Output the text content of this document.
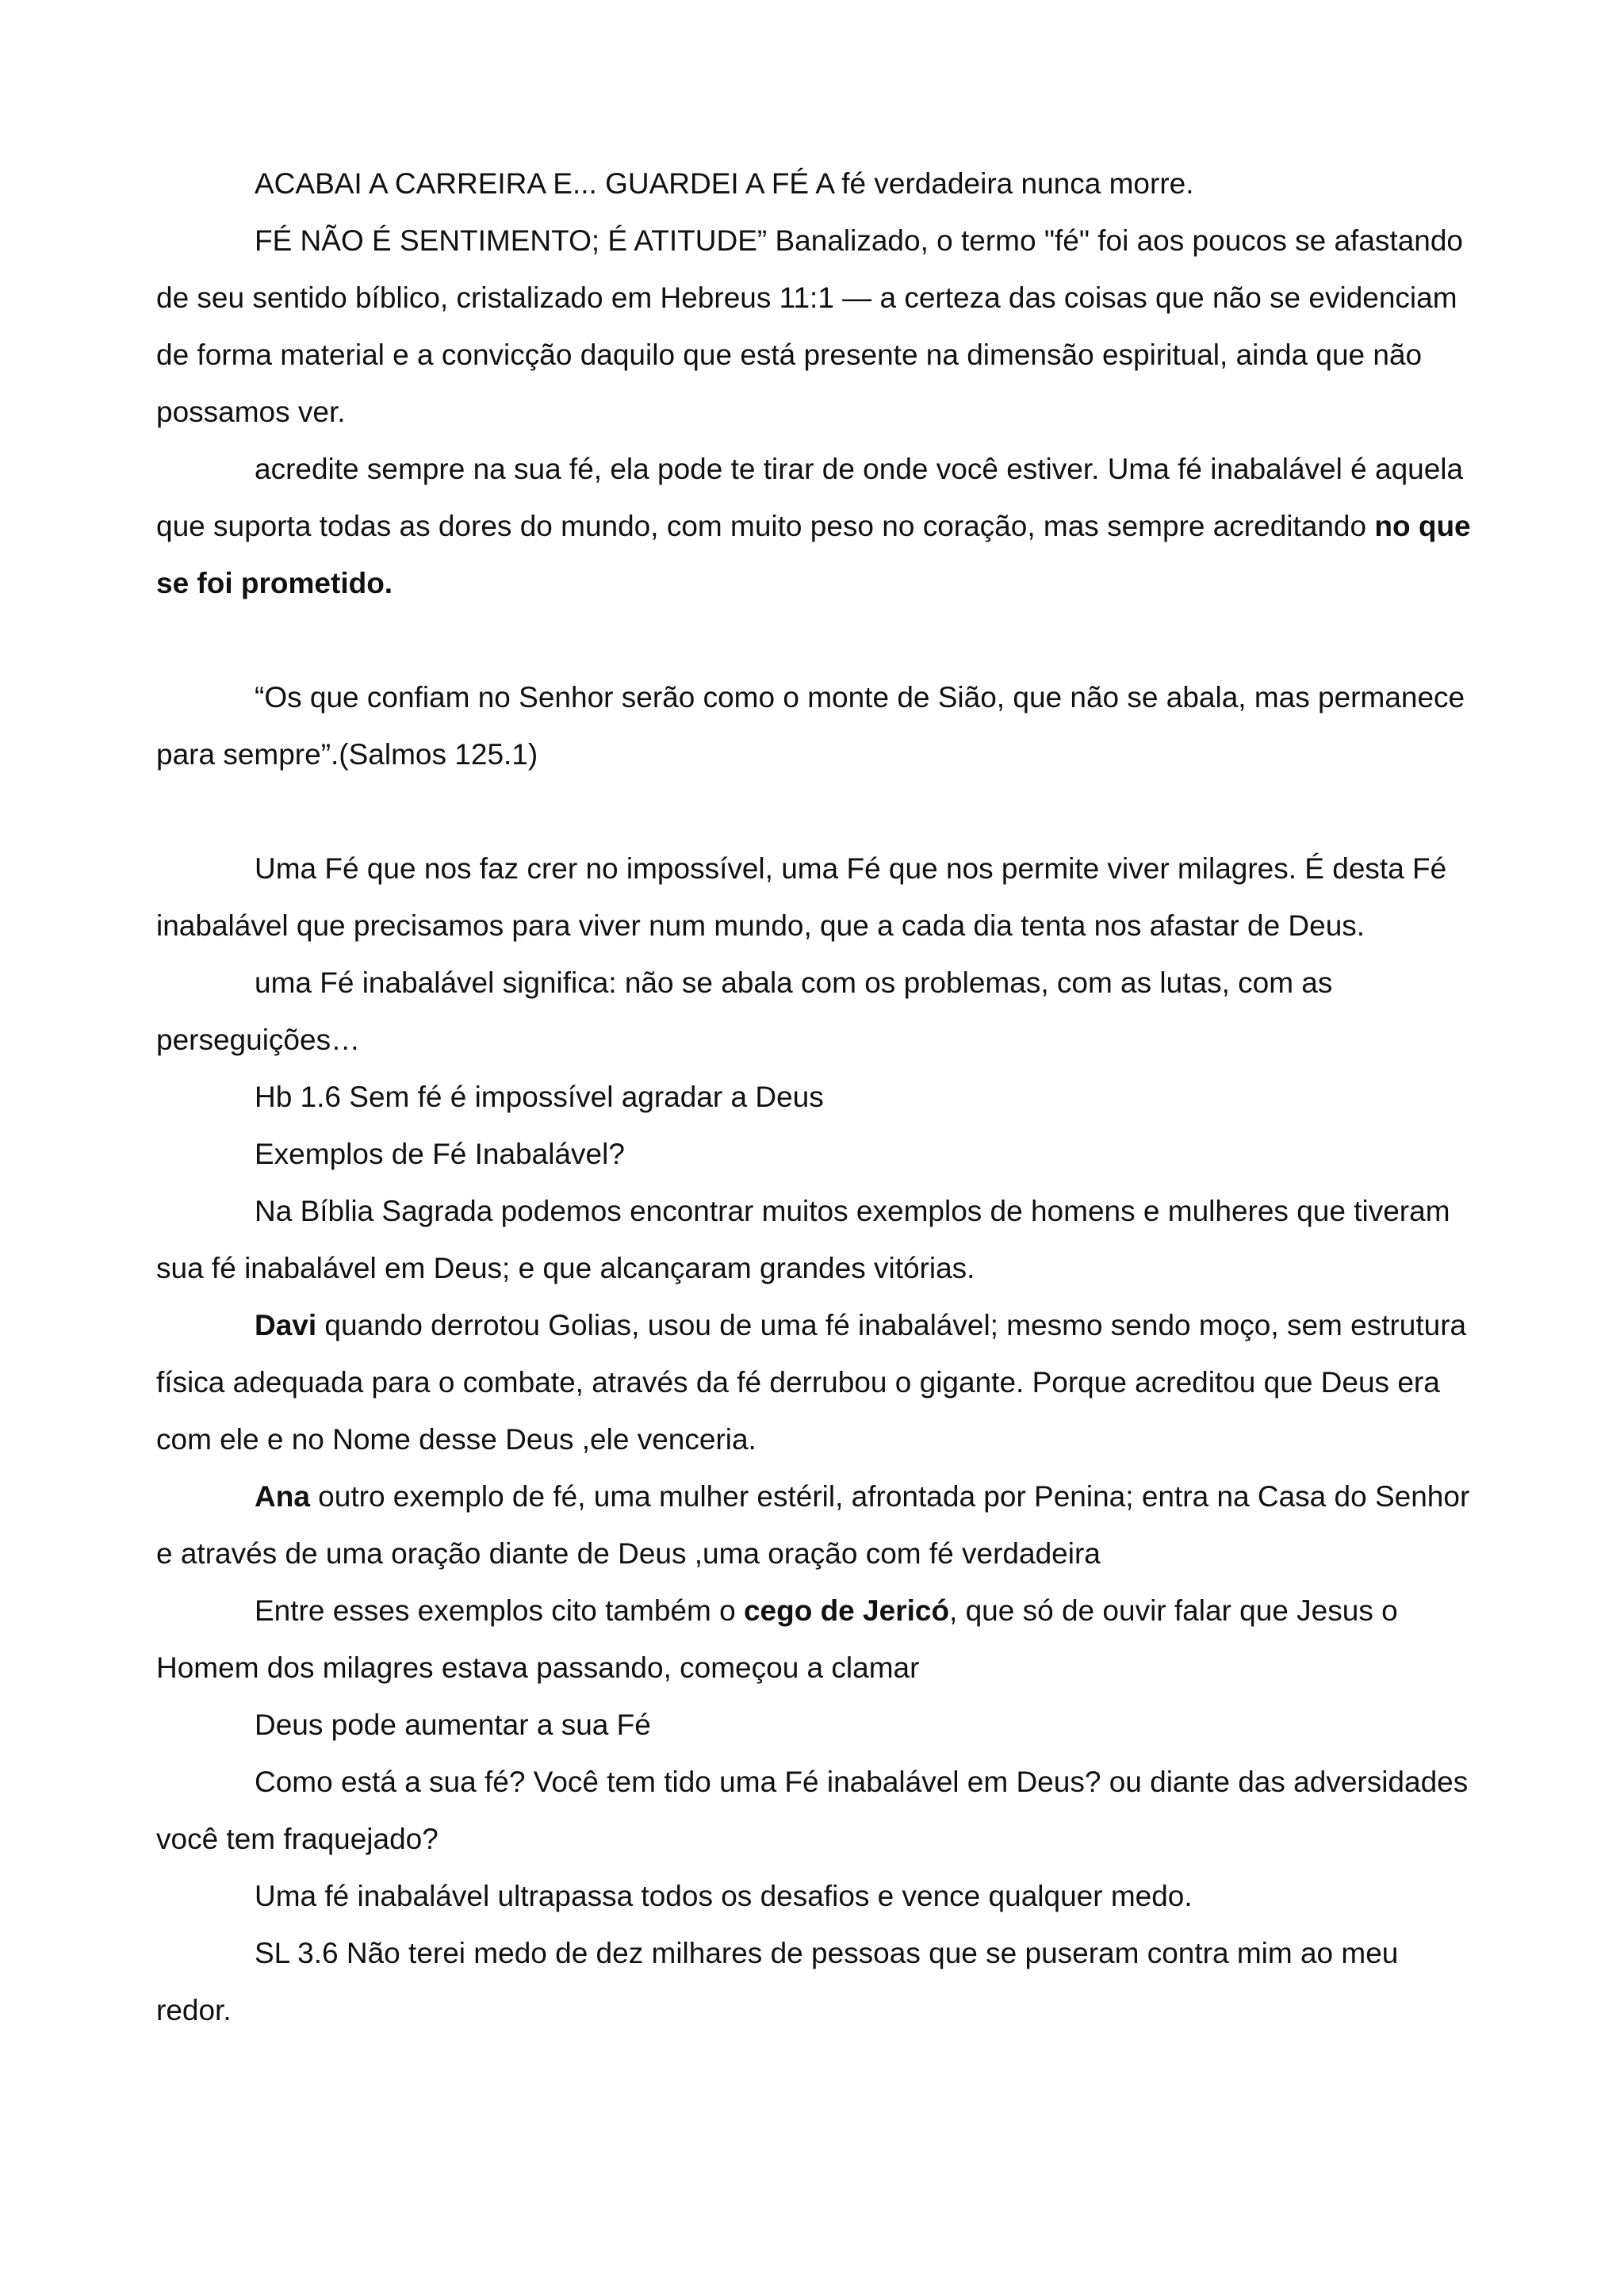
ACABAI A CARREIRA E... GUARDEI A FÉ A fé verdadeira nunca morre.

FÉ NÃO É SENTIMENTO; É ATITUDE” Banalizado, o termo "fé" foi aos poucos se afastando de seu sentido bíblico, cristalizado em Hebreus 11:1 — a certeza das coisas que não se evidenciam de forma material e a convicção daquilo que está presente na dimensão espiritual, ainda que não possamos ver.

acredite sempre na sua fé, ela pode te tirar de onde você estiver. Uma fé inabalável é aquela que suporta todas as dores do mundo, com muito peso no coração, mas sempre acreditando no que se foi prometido.

“Os que confiam no Senhor serão como o monte de Sião, que não se abala, mas permanece para sempre”.(Salmos 125.1)

Uma Fé que nos faz crer no impossível, uma Fé que nos permite viver milagres. É desta Fé inabalável que precisamos para viver num mundo, que a cada dia tenta nos afastar de Deus.

uma Fé inabalável significa: não se abala com os problemas, com as lutas, com as perseguições…

Hb 1.6 Sem fé é impossível agradar a Deus

Exemplos de Fé Inabalável?

Na Bíblia Sagrada podemos encontrar muitos exemplos de homens e mulheres que tiveram sua fé inabalável em Deus; e que alcançaram grandes vitórias.

Davi quando derrotou Golias, usou de uma fé inabalável; mesmo sendo moço, sem estrutura física adequada para o combate, através da fé derrubou o gigante. Porque acreditou que Deus era com ele e no Nome desse Deus ,ele venceria.

Ana outro exemplo de fé, uma mulher estéril, afrontada por Penina; entra na Casa do Senhor e através de uma oração diante de Deus ,uma oração com fé verdadeira

Entre esses exemplos cito também o cego de Jericó, que só de ouvir falar que Jesus o Homem dos milagres estava passando, começou a clamar

Deus pode aumentar a sua Fé

Como está a sua fé? Você tem tido uma Fé inabalável em Deus? ou diante das adversidades você tem fraquejado?

Uma fé inabalável ultrapassa todos os desafios e vence qualquer medo.

SL 3.6 Não terei medo de dez milhares de pessoas que se puseram contra mim ao meu redor.
